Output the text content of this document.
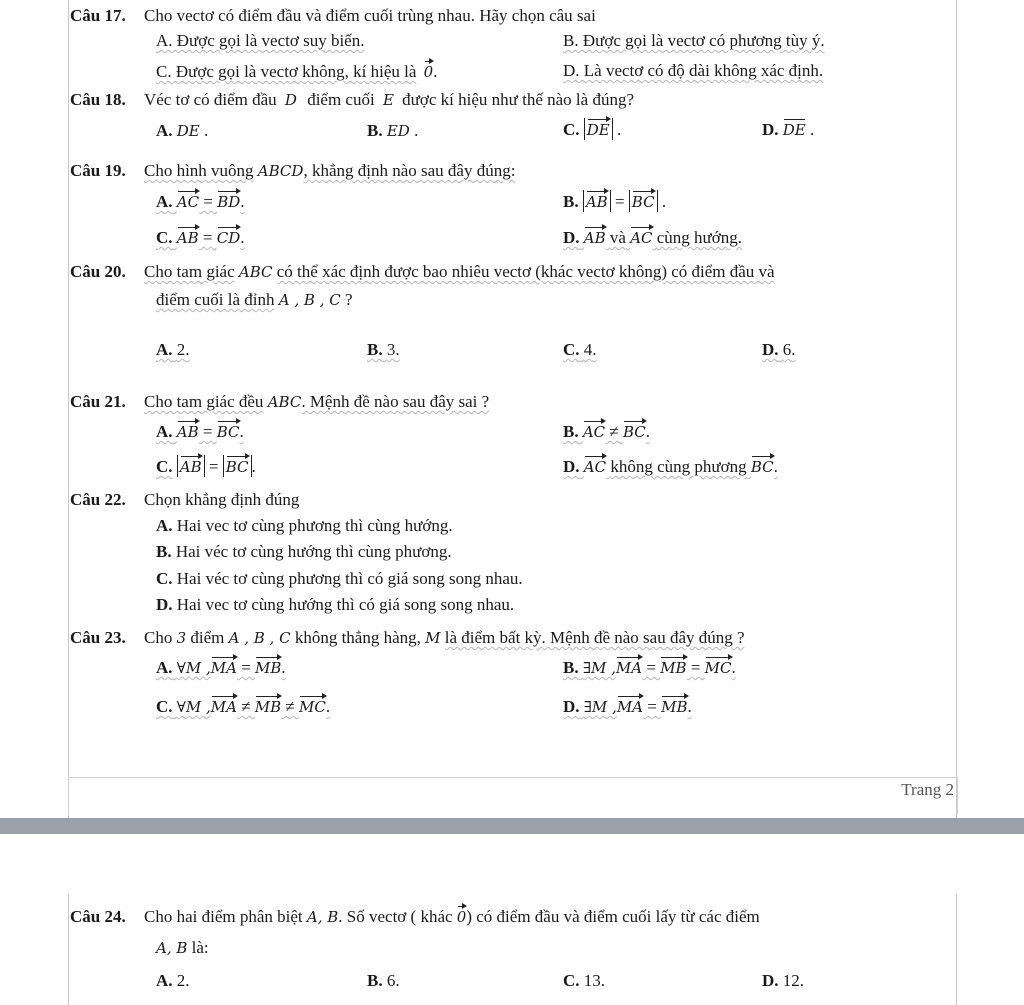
Câu 17. Cho vectơ có điểm đầu và điểm cuối trùng nhau. Hãy chọn câu sai
A. Được gọi là vectơ suy biến.	B. Được gọi là vectơ có phương tùy ý.
C. Được gọi là vectơ không, kí hiệu là 0.	D. Là vectơ có độ dài không xác định.
Câu 18. Véc tơ có điểm đầu D điểm cuối E được kí hiệu như thế nào là đúng?
A. DE .	B. ED .	C. DE .	D. DE .
Câu 19. Cho hình vuông ABCD, khẳng định nào sau đây đúng:
A. AC = BD.	B. AB = BC .
C. AB = CD.	D. AB và AC cùng hướng.
Câu 20. Cho tam giác ABC có thể xác định được bao nhiêu vectơ (khác vectơ không) có điểm đầu và
điểm cuối là đỉnh A , B , C ?
A. 2.	B. 3.	C. 4.	D. 6.
Câu 21. Cho tam giác đều ABC. Mệnh đề nào sau đây sai ?
A. AB = BC.	B. AC ≠ BC.
C. AB = BC .	D. AC không cùng phương BC.
Câu 22. Chọn khẳng định đúng
A. Hai vec tơ cùng phương thì cùng hướng.
B. Hai véc tơ cùng hướng thì cùng phương.
C. Hai véc tơ cùng phương thì có giá song song nhau.
D. Hai vec tơ cùng hướng thì có giá song song nhau.
Câu 23. Cho 3 điểm A , B , C không thẳng hàng, M là điểm bất kỳ. Mệnh đề nào sau đây đúng ?
A. ∀M ,MA = MB.	B. ∃M ,MA = MB = MC.
C. ∀M ,MA ≠ MB ≠ MC.	D. ∃M ,MA = MB.
Trang 2
Câu 24. Cho hai điểm phân biệt A, B. Số vectơ ( khác 0) có điểm đầu và điểm cuối lấy từ các điểm
A, B là:
A. 2.	B. 6.	C. 13.	D. 12.
